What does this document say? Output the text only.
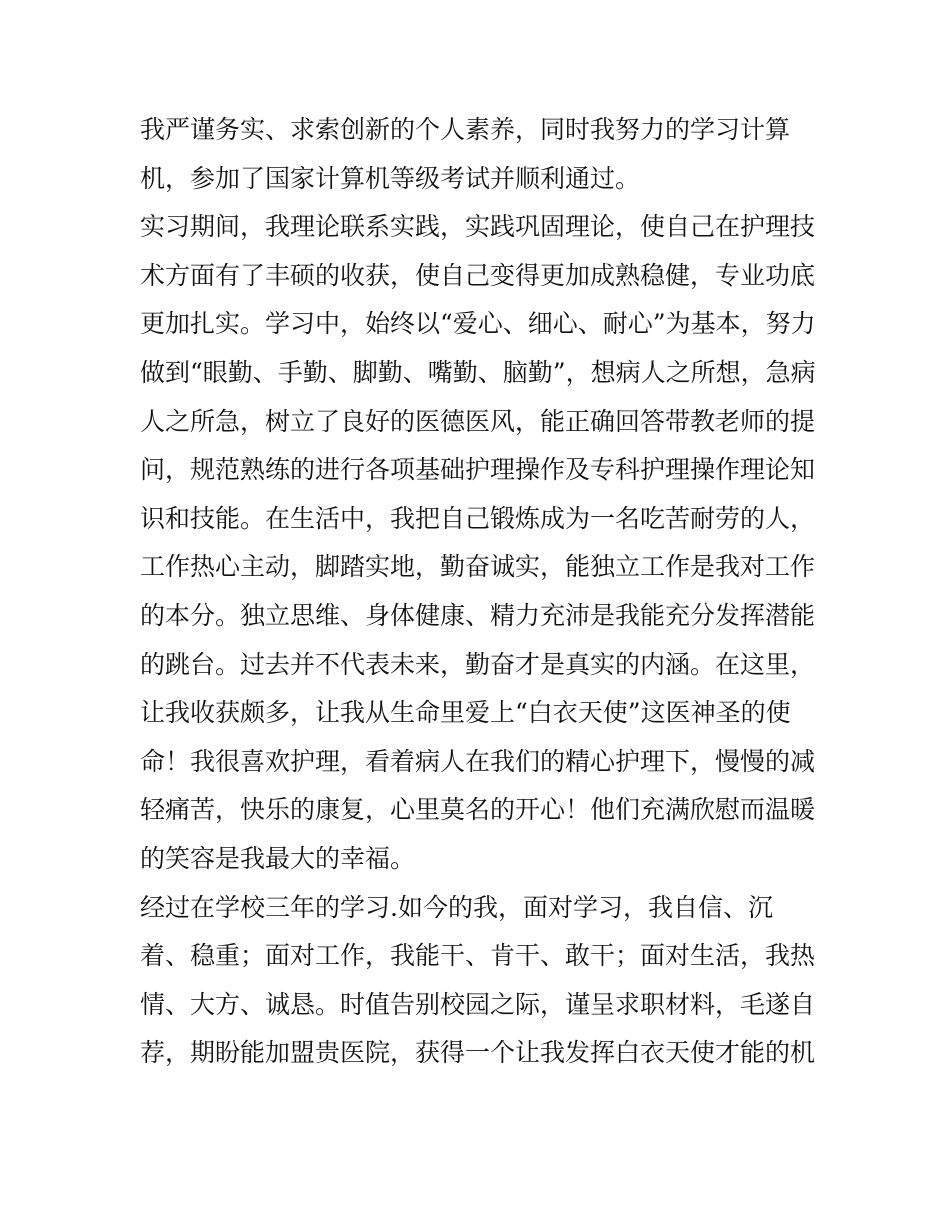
我严谨务实、求索创新的个人素养，同时我努力的学习计算
机，参加了国家计算机等级考试并顺利通过。
实习期间，我理论联系实践，实践巩固理论，使自己在护理技
术方面有了丰硕的收获，使自己变得更加成熟稳健，专业功底
更加扎实。学习中，始终以“爱心、细心、耐心”为基本，努力
做到“眼勤、手勤、脚勤、嘴勤、脑勤”，想病人之所想，急病
人之所急，树立了良好的医德医风，能正确回答带教老师的提
问，规范熟练的进行各项基础护理操作及专科护理操作理论知
识和技能。在生活中，我把自己锻炼成为一名吃苦耐劳的人，
工作热心主动，脚踏实地，勤奋诚实，能独立工作是我对工作
的本分。独立思维、身体健康、精力充沛是我能充分发挥潜能
的跳台。过去并不代表未来，勤奋才是真实的内涵。在这里，
让我收获颇多，让我从生命里爱上“白衣天使”这医神圣的使
命！我很喜欢护理，看着病人在我们的精心护理下，慢慢的减
轻痛苦，快乐的康复，心里莫名的开心！他们充满欣慰而温暖
的笑容是我最大的幸福。
经过在学校三年的学习.如今的我，面对学习，我自信、沉
着、稳重；面对工作，我能干、肯干、敢干；面对生活，我热
情、大方、诚恳。时值告别校园之际，谨呈求职材料，毛遂自
荐，期盼能加盟贵医院，获得一个让我发挥白衣天使才能的机
